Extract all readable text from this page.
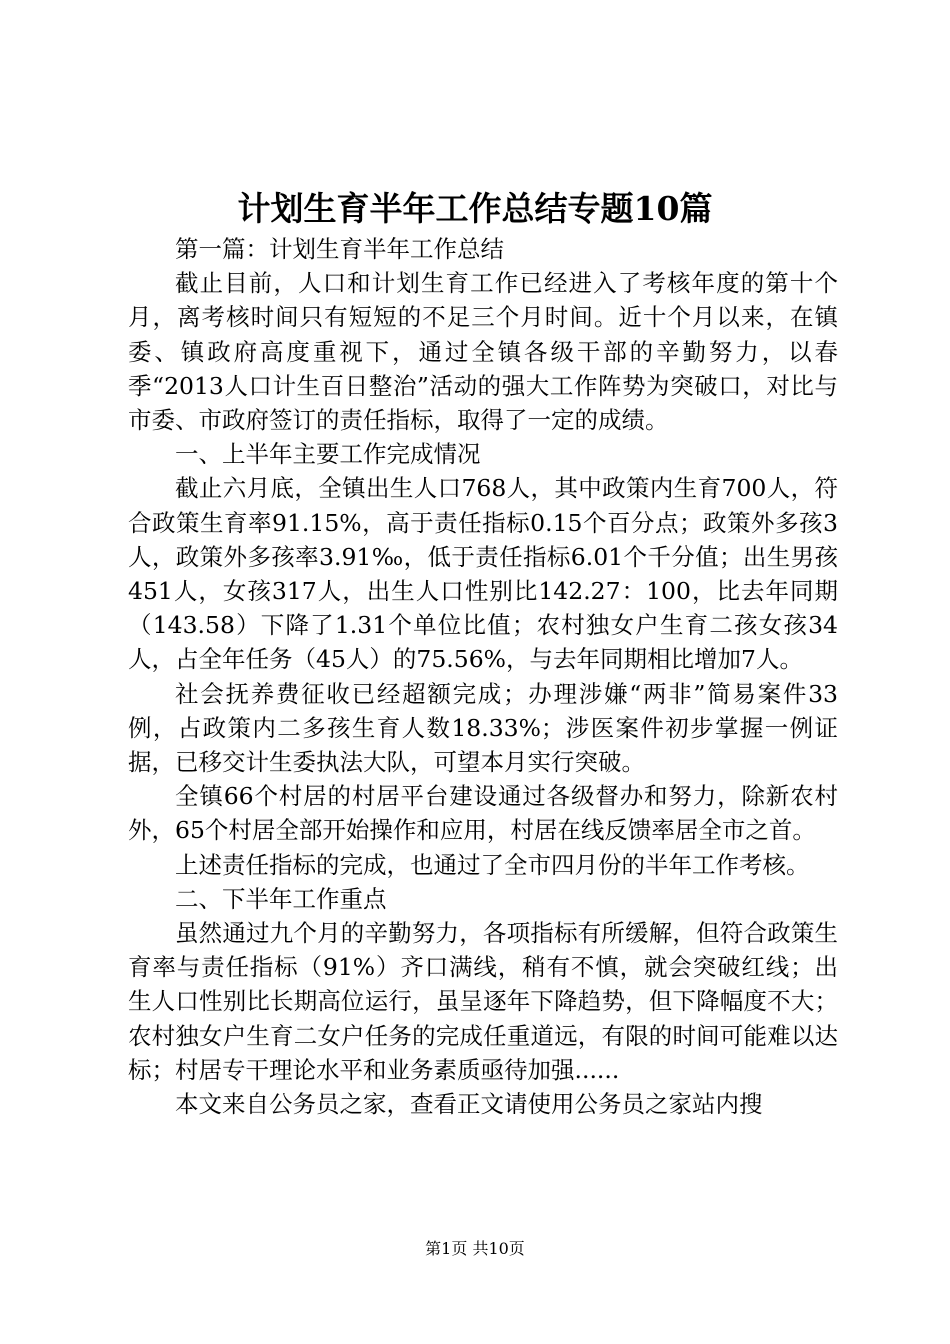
计划生育半年工作总结专题10篇

第一篇：计划生育半年工作总结

截止目前，人口和计划生育工作已经进入了考核年度的第十个月，离考核时间只有短短的不足三个月时间。近十个月以来，在镇委、镇政府高度重视下，通过全镇各级干部的辛勤努力，以春季“2013人口计生百日整治”活动的强大工作阵势为突破口，对比与市委、市政府签订的责任指标，取得了一定的成绩。

一、上半年主要工作完成情况

截止六月底，全镇出生人口768人，其中政策内生育700人，符合政策生育率91.15%，高于责任指标0.15个百分点；政策外多孩3人，政策外多孩率3.91‰，低于责任指标6.01个千分值；出生男孩451人，女孩317人，出生人口性别比142.27：100，比去年同期（143.58）下降了1.31个单位比值；农村独女户生育二孩女孩34人，占全年任务（45人）的75.56%，与去年同期相比增加7人。

社会抚养费征收已经超额完成；办理涉嫌“两非”简易案件33例，占政策内二多孩生育人数18.33%；涉医案件初步掌握一例证据，已移交计生委执法大队，可望本月实行突破。

全镇66个村居的村居平台建设通过各级督办和努力，除新农村外，65个村居全部开始操作和应用，村居在线反馈率居全市之首。

上述责任指标的完成，也通过了全市四月份的半年工作考核。

二、下半年工作重点

虽然通过九个月的辛勤努力，各项指标有所缓解，但符合政策生育率与责任指标（91%）齐口满线，稍有不慎，就会突破红线；出生人口性别比长期高位运行，虽呈逐年下降趋势，但下降幅度不大；农村独女户生育二女户任务的完成任重道远，有限的时间可能难以达标；村居专干理论水平和业务素质亟待加强......

本文来自公务员之家，查看正文请使用公务员之家站内搜

第1页 共10页
